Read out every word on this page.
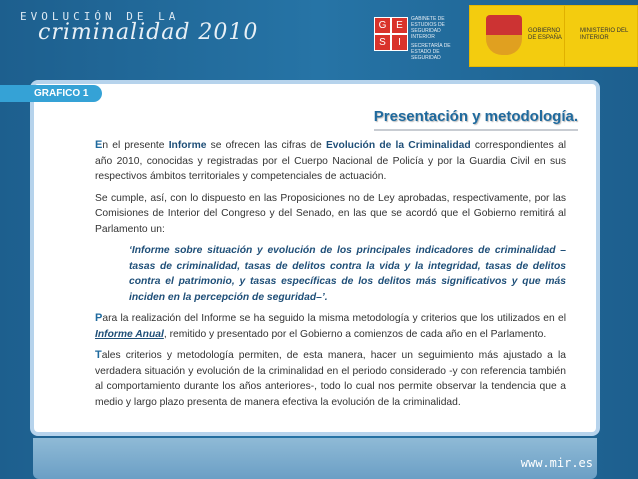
EVOLUCIÓN DE LA
criminalidad 2010	G E
S	I
GABINETE DE ESTUDIOS DE SEGURIDAD INTERIOR
SECRETARÍA DE ESTADO DE SEGURIDAD
GOBIERNO DE ESPAÑA
MINISTERIO DEL INTERIOR
www.mir.es
GRAFICO 1
Presentación y metodología.

En el presente Informe se ofrecen las cifras de Evolución de la Criminalidad correspondientes al año 2010, conocidas y registradas por el Cuerpo Nacional de Policía y por la Guardia Civil en sus respectivos ámbitos territoriales y competenciales de actuación.

Se cumple, así, con lo dispuesto en las Proposiciones no de Ley aprobadas, respectivamente, por las Comisiones de Interior del Congreso y del Senado, en las que se acordó que el Gobierno remitirá al Parlamento un:

‘Informe sobre situación y evolución de los principales indicadores de criminalidad –tasas de criminalidad, tasas de delitos contra la vida y la integridad, tasas de delitos contra el patrimonio, y tasas específicas de los delitos más significativos y que más inciden en la percepción de seguridad–’.

Para la realización del Informe se ha seguido la misma metodología y criterios que los utilizados en el Informe Anual, remitido y presentado por el Gobierno a comienzos de cada año en el Parlamento.

Tales criterios y metodología permiten, de esta manera, hacer un seguimiento más ajustado a la verdadera situación y evolución de la criminalidad en el periodo considerado -y con referencia también al comportamiento durante los años anteriores-, todo lo cual nos permite observar la tendencia que a medio y largo plazo presenta de manera efectiva la evolución de la criminalidad.
